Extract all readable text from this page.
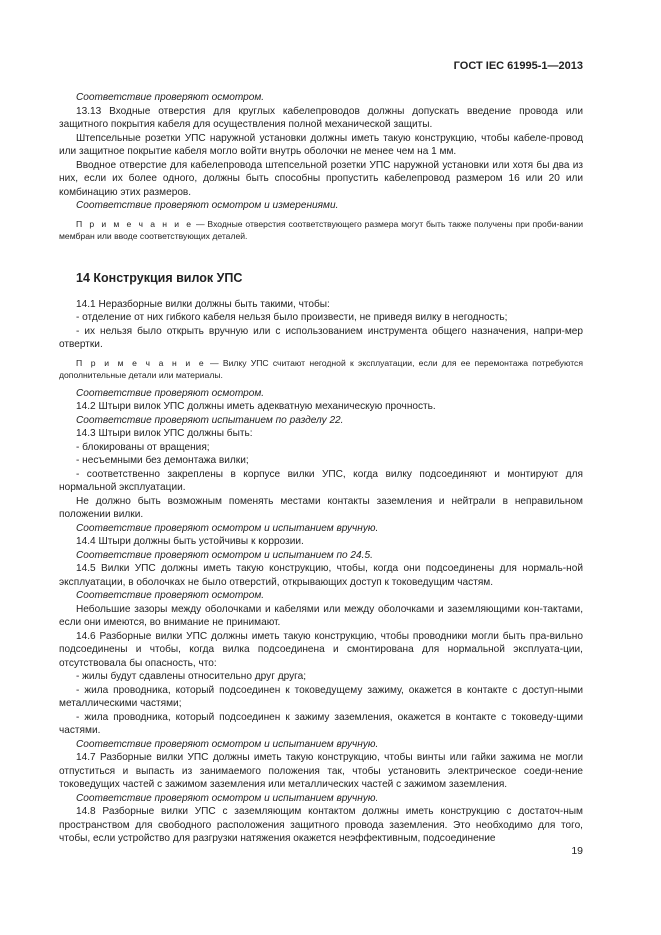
ГОСТ IEC 61995-1—2013

Соответствие проверяют осмотром.

13.13 Входные отверстия для круглых кабелепроводов должны допускать введение провода или защитного покрытия кабеля для осуществления полной механической защиты.

Штепсельные розетки УПС наружной установки должны иметь такую конструкцию, чтобы кабеле-провод или защитное покрытие кабеля могло войти внутрь оболочки не менее чем на 1 мм.

Вводное отверстие для кабелепровода штепсельной розетки УПС наружной установки или хотя бы два из них, если их более одного, должны быть способны пропустить кабелепровод размером 16 или 20 или комбинацию этих размеров.

Соответствие проверяют осмотром и измерениями.

П р и м е ч а н и е — Входные отверстия соответствующего размера могут быть также получены при проби-вании мембран или вводе соответствующих деталей.

14 Конструкция вилок УПС

14.1 Неразборные вилки должны быть такими, чтобы:

- отделение от них гибкого кабеля нельзя было произвести, не приведя вилку в негодность;

- их нельзя было открыть вручную или с использованием инструмента общего назначения, напри-мер отвертки.

П р и м е ч а н и е — Вилку УПС считают негодной к эксплуатации, если для ее перемонтажа потребуются дополнительные детали или материалы.

Соответствие проверяют осмотром.

14.2 Штыри вилок УПС должны иметь адекватную механическую прочность.

Соответствие проверяют испытанием по разделу 22.

14.3 Штыри вилок УПС должны быть:

- блокированы от вращения;

- несъемными без демонтажа вилки;

- соответственно закреплены в корпусе вилки УПС, когда вилку подсоединяют и монтируют для нормальной эксплуатации.

Не должно быть возможным поменять местами контакты заземления и нейтрали в неправильном положении вилки.

Соответствие проверяют осмотром и испытанием вручную.

14.4 Штыри должны быть устойчивы к коррозии.

Соответствие проверяют осмотром и испытанием по 24.5.

14.5 Вилки УПС должны иметь такую конструкцию, чтобы, когда они подсоединены для нормаль-ной эксплуатации, в оболочках не было отверстий, открывающих доступ к токоведущим частям.

Соответствие проверяют осмотром.

Небольшие зазоры между оболочками и кабелями или между оболочками и заземляющими кон-тактами, если они имеются, во внимание не принимают.

14.6 Разборные вилки УПС должны иметь такую конструкцию, чтобы проводники могли быть пра-вильно подсоединены и чтобы, когда вилка подсоединена и смонтирована для нормальной эксплуата-ции, отсутствовала бы опасность, что:

- жилы будут сдавлены относительно друг друга;

- жила проводника, который подсоединен к токоведущему зажиму, окажется в контакте с доступ-ными металлическими частями;

- жила проводника, который подсоединен к зажиму заземления, окажется в контакте с токоведу-щими частями.

Соответствие проверяют осмотром и испытанием вручную.

14.7 Разборные вилки УПС должны иметь такую конструкцию, чтобы винты или гайки зажима не могли отпуститься и выпасть из занимаемого положения так, чтобы установить электрическое соеди-нение токоведущих частей с зажимом заземления или металлических частей с зажимом заземления.

Соответствие проверяют осмотром и испытанием вручную.

14.8 Разборные вилки УПС с заземляющим контактом должны иметь конструкцию с достаточ-ным пространством для свободного расположения защитного провода заземления. Это необходимо для того, чтобы, если устройство для разгрузки натяжения окажется неэффективным, подсоединение

19
